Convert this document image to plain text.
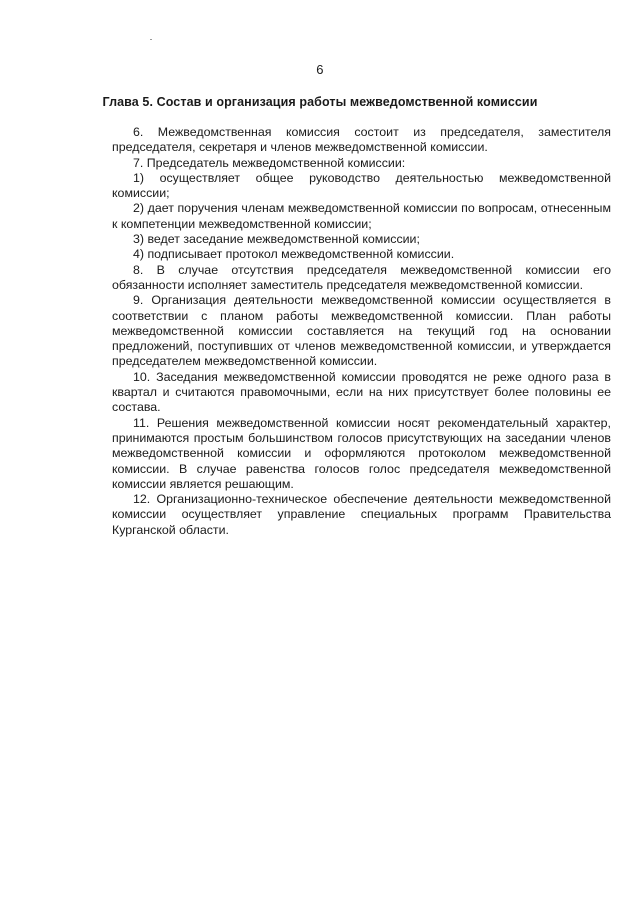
6
Глава 5. Состав и организация работы межведомственной комиссии

6. Межведомственная комиссия состоит из председателя, заместителя председателя, секретаря и членов межведомственной комиссии.

7. Председатель межведомственной комиссии:

1) осуществляет общее руководство деятельностью межведомственной комиссии;

2) дает поручения членам межведомственной комиссии по вопросам, отнесенным к компетенции межведомственной комиссии;

3) ведет заседание межведомственной комиссии;

4) подписывает протокол межведомственной комиссии.

8. В случае отсутствия председателя межведомственной комиссии его обязанности исполняет заместитель председателя межведомственной комиссии.

9. Организация деятельности межведомственной комиссии осуществляется в соответствии с планом работы межведомственной комиссии. План работы межведомственной комиссии составляется на текущий год на основании предложений, поступивших от членов межведомственной комиссии, и утверждается председателем межведомственной комиссии.

10. Заседания межведомственной комиссии проводятся не реже одного раза в квартал и считаются правомочными, если на них присутствует более половины ее состава.

11. Решения межведомственной комиссии носят рекомендательный характер, принимаются простым большинством голосов присутствующих на заседании членов межведомственной комиссии и оформляются протоколом межведомственной комиссии. В случае равенства голосов голос председателя межведомственной комиссии является решающим.

12. Организационно-техническое обеспечение деятельности межведомственной комиссии осуществляет управление специальных программ Правительства Курганской области.
